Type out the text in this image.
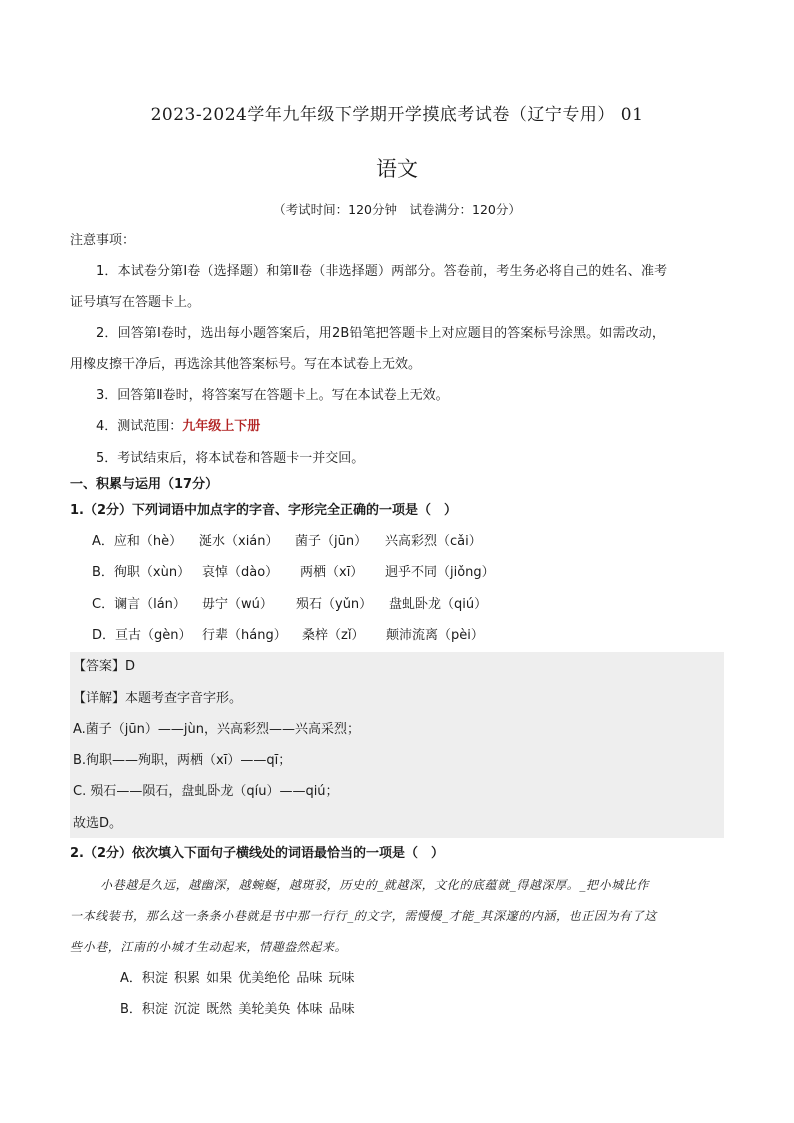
2023-2024学年九年级下学期开学摸底考试卷（辽宁专用） 01
语文
（考试时间：120分钟　试卷满分：120分）
注意事项：
1．本试卷分第Ⅰ卷（选择题）和第Ⅱ卷（非选择题）两部分。答卷前，考生务必将自己的姓名、准考
证号填写在答题卡上。
2．回答第Ⅰ卷时，选出每小题答案后，用2B铅笔把答题卡上对应题目的答案标号涂黑。如需改动，
用橡皮擦干净后，再选涂其他答案标号。写在本试卷上无效。
3．回答第Ⅱ卷时，将答案写在答题卡上。写在本试卷上无效。
4．测试范围：九年级上下册
5．考试结束后，将本试卷和答题卡一并交回。
一、积累与运用（17分）
1.（2分）下列词语中加点字的字音、字形完全正确的一项是（　）
A．应和（hè） 涎水（xián） 菌子（jūn） 兴高彩烈（cǎi）
B．徇职（xùn） 哀悼（dào） 两栖（xī） 迥乎不同（jiǒng）
C．谰言（lán） 毋宁（wú） 殒石（yǔn） 盘虬卧龙（qiú）
D．亘古（gèn） 行辈（háng） 桑梓（zǐ） 颠沛流离（pèi）
【答案】D
【详解】本题考查字音字形。
A.菌子（jūn）——jùn，兴高彩烈——兴高采烈；
B.徇职——殉职，两栖（xī）——qī；
C. 殒石——陨石，盘虬卧龙（qíu）——qiú；
故选D。
2.（2分）依次填入下面句子横线处的词语最恰当的一项是（　）
小巷越是久远，越幽深，越蜿蜒，越斑驳，历史的_就越深，文化的底蕴就_得越深厚。_把小城比作
一本线装书，那么这一条条小巷就是书中那一行行_的文字，需慢慢_才能_其深邃的内涵，也正因为有了这
些小巷，江南的小城才生动起来，情趣盎然起来。
A．积淀 积累 如果 优美绝伦 品味 玩味
B．积淀 沉淀 既然 美轮美奂 体味 品味
